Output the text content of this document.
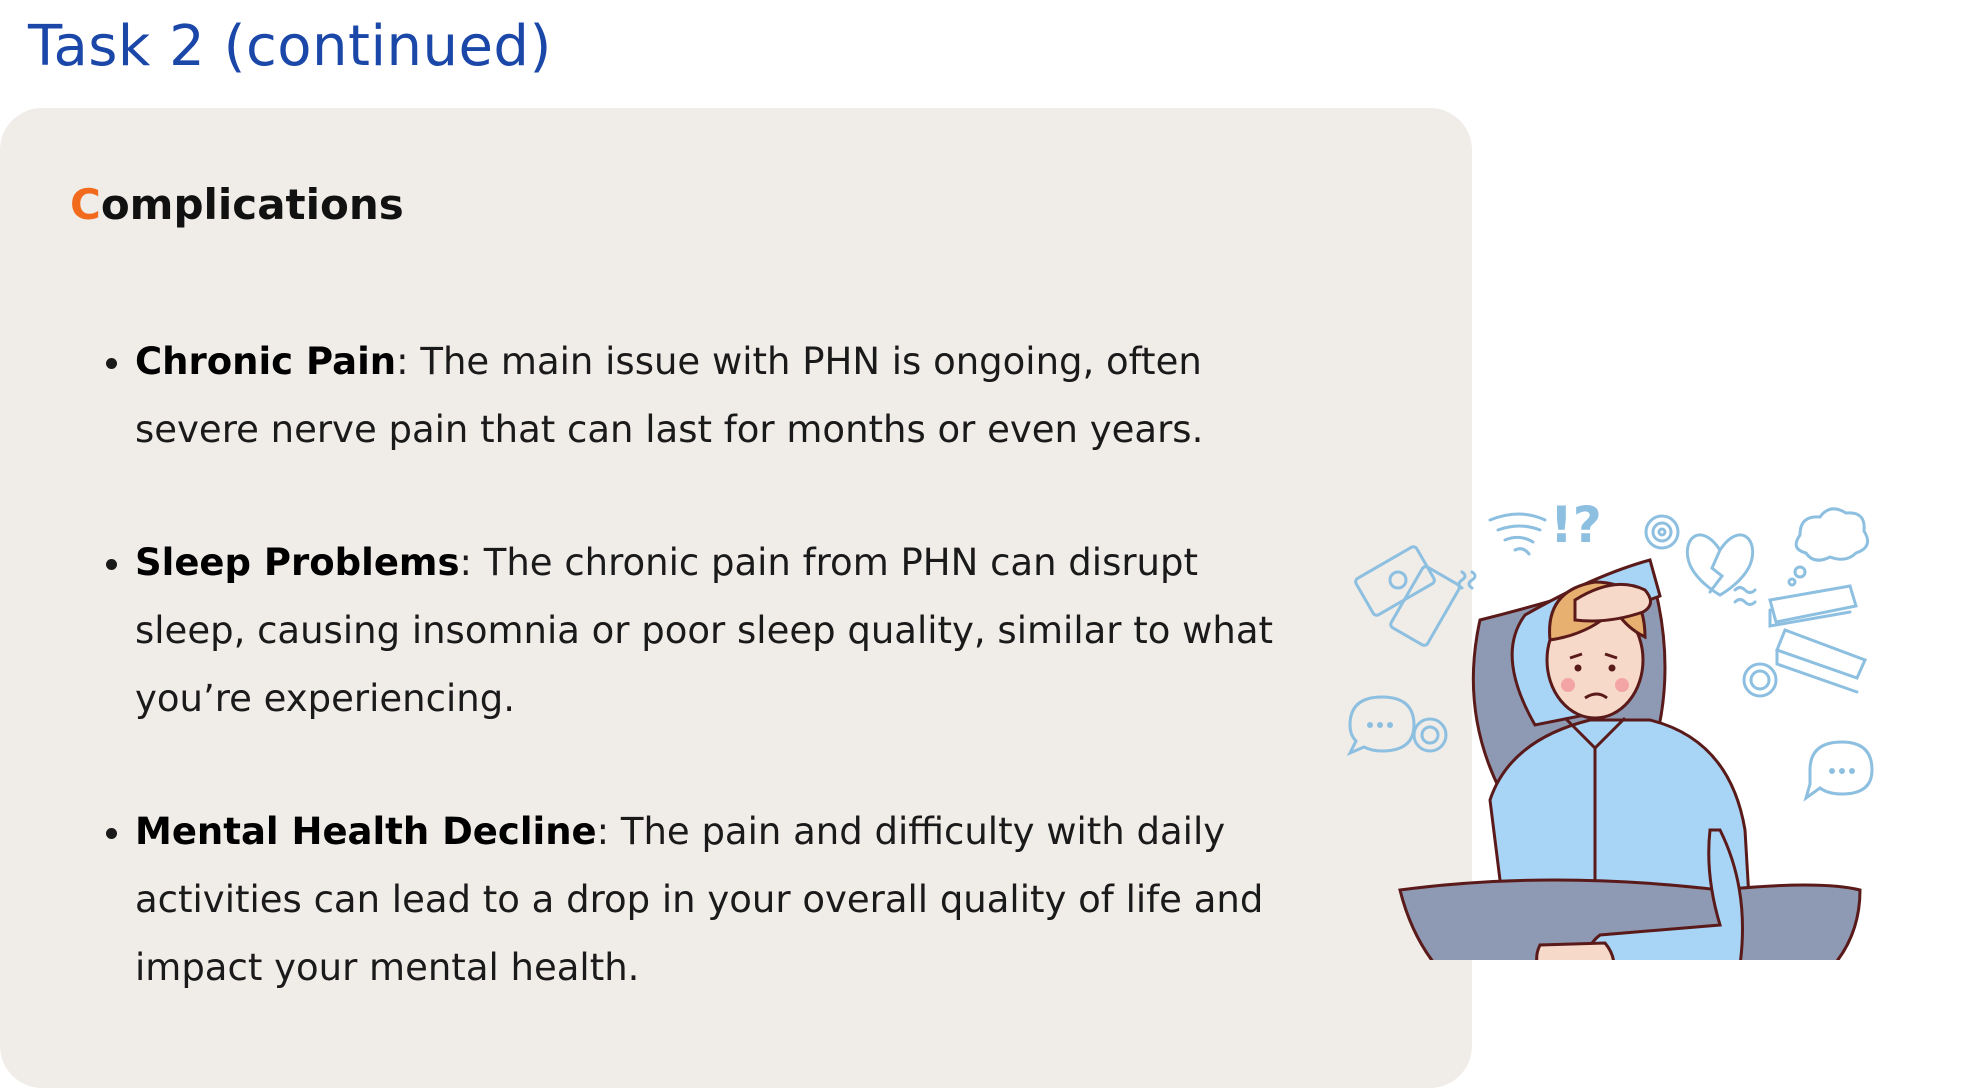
Task 2 (continued)
Complications
• Chronic Pain: The main issue with PHN is ongoing, often severe nerve pain that can last for months or even years.
• Sleep Problems: The chronic pain from PHN can disrupt sleep, causing insomnia or poor sleep quality, similar to what you’re experiencing.
• Mental Health Decline: The pain and difficulty with daily activities can lead to a drop in your overall quality of life and impact your mental health.
!?
